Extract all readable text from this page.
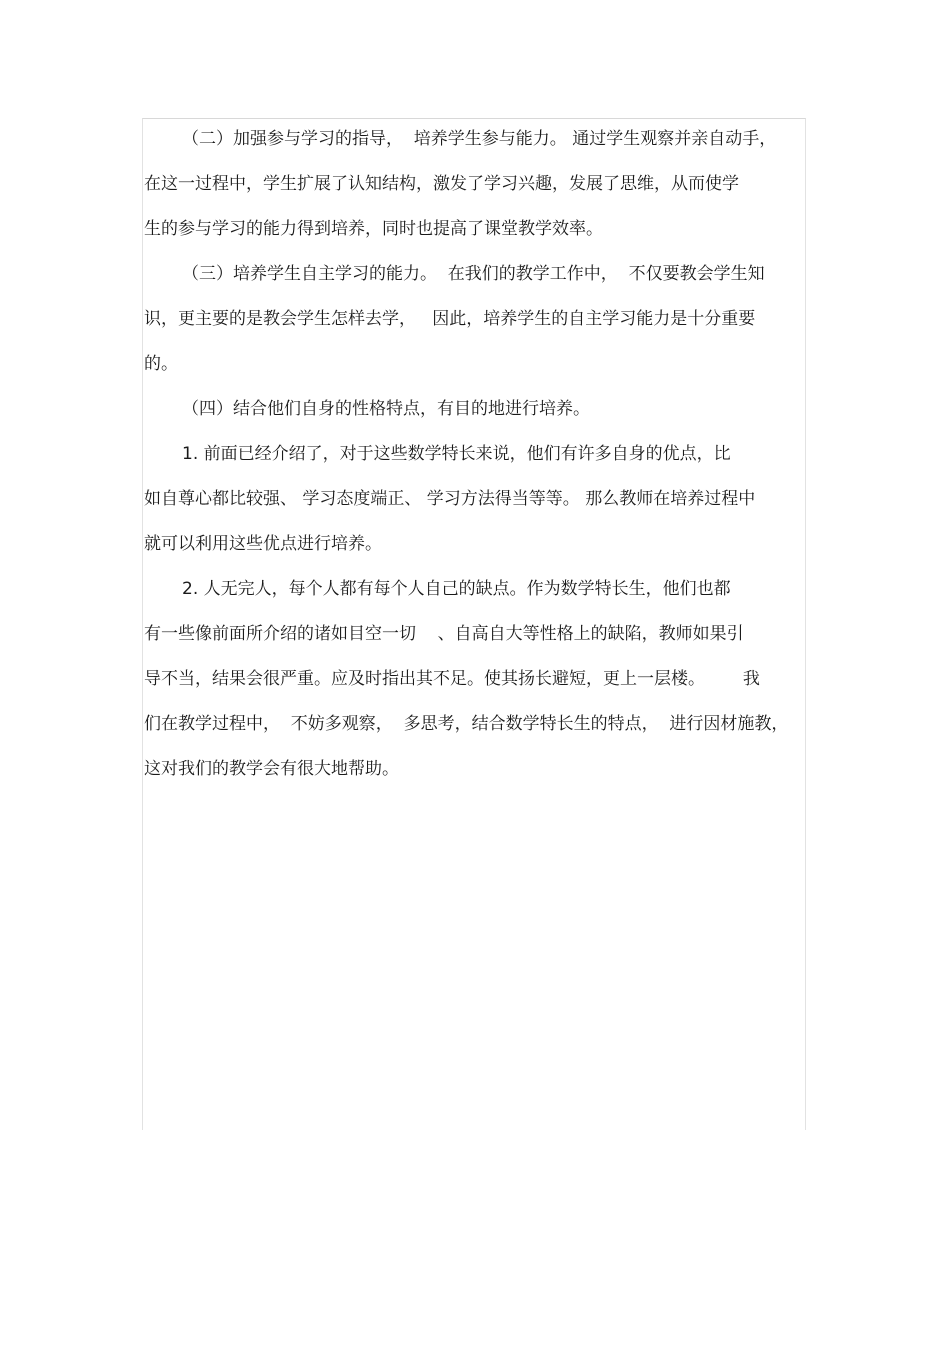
（二）加强参与学习的指导，  培养学生参与能力。 通过学生观察并亲自动手，

在这一过程中，学生扩展了认知结构，激发了学习兴趣，发展了思维，从而使学

生的参与学习的能力得到培养，同时也提高了课堂教学效率。

（三）培养学生自主学习的能力。  在我们的教学工作中，  不仅要教会学生知

识，更主要的是教会学生怎样去学，   因此，培养学生的自主学习能力是十分重要

的。

（四）结合他们自身的性格特点，有目的地进行培养。

1. 前面已经介绍了，对于这些数学特长来说，他们有许多自身的优点，比

如自尊心都比较强、 学习态度端正、 学习方法得当等等。 那么教师在培养过程中

就可以利用这些优点进行培养。

2. 人无完人，每个人都有每个人自己的缺点。作为数学特长生，他们也都

有一些像前面所介绍的诸如目空一切    、自高自大等性格上的缺陷，教师如果引

导不当，结果会很严重。应及时指出其不足。使其扬长避短，更上一层楼。       我

们在教学过程中，  不妨多观察，  多思考，结合数学特长生的特点，  进行因材施教，

这对我们的教学会有很大地帮助。
